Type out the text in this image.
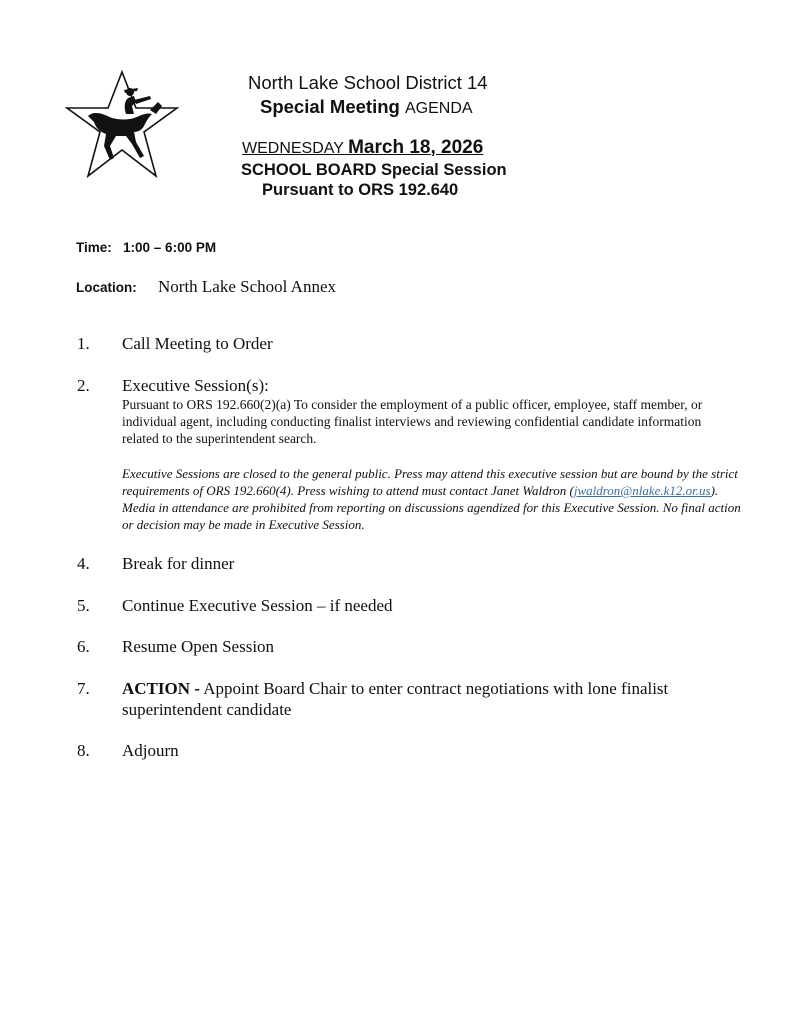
North Lake School District 14
Special Meeting AGENDA
WEDNESDAY March 18, 2026
SCHOOL BOARD Special Session
Pursuant to ORS 192.640
Time: 1:00 – 6:00 PM
Location: North Lake School Annex
1. Call Meeting to Order
2. Executive Session(s):
Pursuant to ORS 192.660(2)(a) To consider the employment of a public officer, employee, staff member, or individual agent, including conducting finalist interviews and reviewing confidential candidate information related to the superintendent search.
Executive Sessions are closed to the general public. Press may attend this executive session but are bound by the strict requirements of ORS 192.660(4). Press wishing to attend must contact Janet Waldron (jwaldron@nlake.k12.or.us). Media in attendance are prohibited from reporting on discussions agendized for this Executive Session. No final action or decision may be made in Executive Session.
4. Break for dinner
5. Continue Executive Session – if needed
6. Resume Open Session
7. ACTION - Appoint Board Chair to enter contract negotiations with lone finalist superintendent candidate
8. Adjourn
